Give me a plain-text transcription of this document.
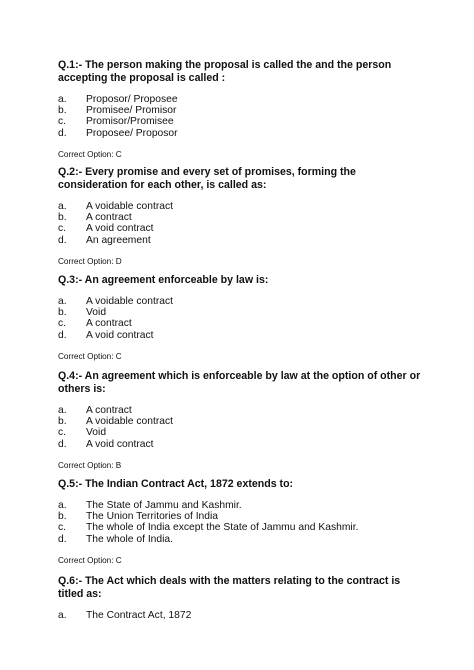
Q.1:- The person making the proposal is called the and the person accepting the proposal is called :

a.	Proposor/ Proposee
b.	Promisee/ Promisor
c.	Promisor/Promisee
d.	Proposee/ Proposor
Correct Option: C

Q.2:- Every promise and every set of promises, forming the consideration for each other, is called as:

a.	A voidable contract
b.	A contract
c.	A void contract
d.	An agreement
Correct Option: D

Q.3:- An agreement enforceable by law is:

a.	A voidable contract
b.	Void
c.	A contract
d.	A void contract
Correct Option: C

Q.4:- An agreement which is enforceable by law at the option of other or others is:

a.	A contract
b.	A voidable contract
c.	Void
d.	A void contract
Correct Option: B

Q.5:- The Indian Contract Act, 1872 extends to:

a.	The State of Jammu and Kashmir.
b.	The Union Territories of India
c.	The whole of India except the State of Jammu and Kashmir.
d.	The whole of India.
Correct Option: C

Q.6:- The Act which deals with the matters relating to the contract is titled as:

a.	The Contract Act, 1872
